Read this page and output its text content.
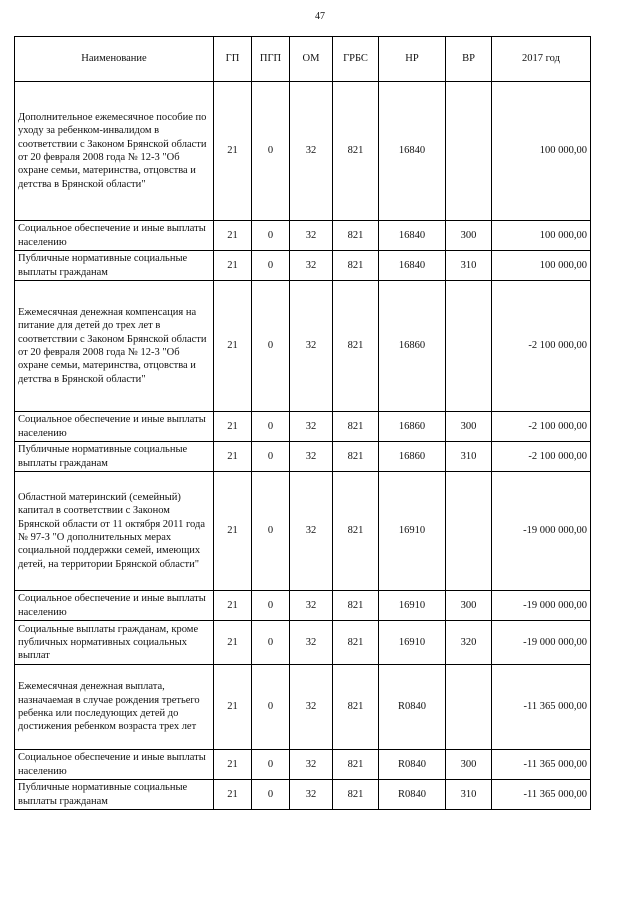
47
Наименование	ГП	ПГП	ОМ	ГРБС	НР	ВР	2017 год
Дополнительное ежемесячное пособие по уходу за ребенком-инвалидом в соответствии с Законом Брянской области от 20 февраля 2008 года № 12-3 "Об охране семьи, материнства, отцовства и детства в Брянской области"	21	0	32	821	16840		100 000,00
Социальное обеспечение и иные выплаты населению	21	0	32	821	16840	300	100 000,00
Публичные нормативные социальные выплаты гражданам	21	0	32	821	16840	310	100 000,00
Ежемесячная денежная компенсация на питание для детей до трех лет в соответствии с Законом Брянской области от 20 февраля 2008 года № 12-3 "Об охране семьи, материнства, отцовства и детства в Брянской области"	21	0	32	821	16860		-2 100 000,00
Социальное обеспечение и иные выплаты населению	21	0	32	821	16860	300	-2 100 000,00
Публичные нормативные социальные выплаты гражданам	21	0	32	821	16860	310	-2 100 000,00
Областной материнский (семейный) капитал в соответствии с Законом Брянской области от 11 октября 2011 года № 97-З "О дополнительных мерах социальной поддержки семей, имеющих детей, на территории Брянской области"	21	0	32	821	16910		-19 000 000,00
Социальное обеспечение и иные выплаты населению	21	0	32	821	16910	300	-19 000 000,00
Социальные выплаты гражданам, кроме публичных нормативных социальных выплат	21	0	32	821	16910	320	-19 000 000,00
Ежемесячная денежная выплата, назначаемая в случае рождения третьего ребенка или последующих детей до достижения ребенком возраста трех лет	21	0	32	821	R0840		-11 365 000,00
Социальное обеспечение и иные выплаты населению	21	0	32	821	R0840	300	-11 365 000,00
Публичные нормативные социальные выплаты гражданам	21	0	32	821	R0840	310	-11 365 000,00
